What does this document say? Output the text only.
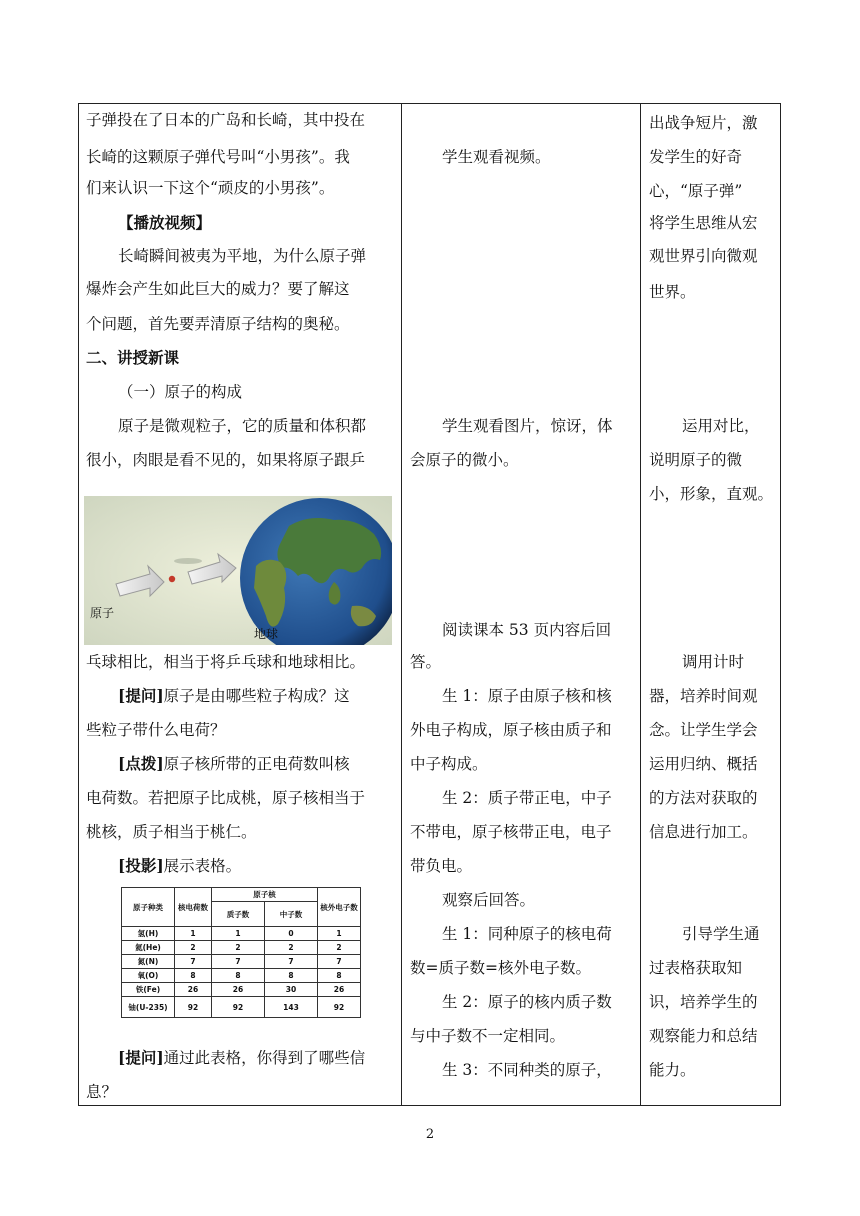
子弹投在了日本的广岛和长崎，其中投在
长崎的这颗原子弹代号叫“小男孩”。我
们来认识一下这个“顽皮的小男孩”。
【播放视频】
长崎瞬间被夷为平地，为什么原子弹
爆炸会产生如此巨大的威力？要了解这
个问题，首先要弄清原子结构的奥秘。
二、讲授新课
（一）原子的构成
原子是微观粒子，它的质量和体积都
很小，肉眼是看不见的，如果将原子跟乒
原子
地球
乓球相比，相当于将乒乓球和地球相比。
[提问]原子是由哪些粒子构成？这
些粒子带什么电荷？
[点拨]原子核所带的正电荷数叫核
电荷数。若把原子比成桃，原子核相当于
桃核，质子相当于桃仁。
[投影]展示表格。
原子种类	核电荷数	原子核		核外电子数
		质子数	中子数	
氢(H)	1	1	0	1
氦(He)	2	2	2	2
氮(N)	7	7	7	7
氧(O)	8	8	8	8
铁(Fe)	26	26	30	26
铀(U-235)	92	92	143	92
[提问]通过此表格，你得到了哪些信
息？
学生观看视频。
学生观看图片，惊讶，体
会原子的微小。
阅读课本 53 页内容后回
答。
生 1：原子由原子核和核
外电子构成，原子核由质子和
中子构成。
生 2：质子带正电，中子
不带电，原子核带正电，电子
带负电。
观察后回答。
生 1：同种原子的核电荷
数=质子数=核外电子数。
生 2：原子的核内质子数
与中子数不一定相同。
生 3：不同种类的原子，
出战争短片，激
发学生的好奇
心，“原子弹”
将学生思维从宏
观世界引向微观
世界。
运用对比，
说明原子的微
小，形象，直观。
调用计时
器，培养时间观
念。让学生学会
运用归纳、概括
的方法对获取的
信息进行加工。
引导学生通
过表格获取知
识，培养学生的
观察能力和总结
能力。
2
